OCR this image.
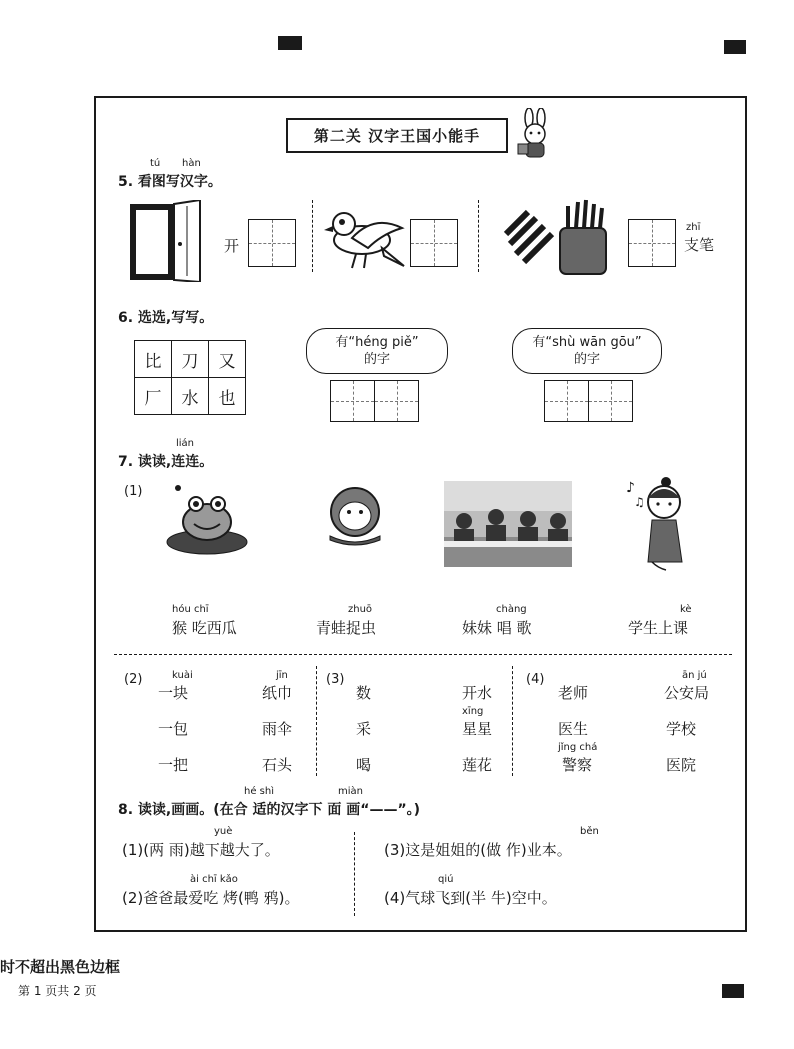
第二关 汉字王国小能手
tú hàn
5. 看图写汉字。
开
zhī
支笔
6. 选选,写写。
比	刀	又
厂	水	也
有“héng piě”
的字
有“shù wān gōu”
的字
lián
7. 读读,连连。
(1)	♪
♫
hóu chī
猴 吃西瓜
zhuō
青蛙捉虫
chàng
妹妹 唱 歌
kè
学生上课
(2)	kuài	jīn
一块
一包
一把
纸巾
雨伞
石头
(3)
数
采
喝
xīng
开水
星星
莲花
(4)	ān jú
jǐng chá
老师
医生
警察
公安局
学校
医院
hé shì	miàn
8. 读读,画画。(在合 适的汉字下 面 画“——”。)
yuè
(1)(两 雨)越下越大了。
běn
(3)这是姐姐的(做 作)业本。
ài chī kǎo
(2)爸爸最爱吃 烤(鸭 鸦)。
qiú
(4)气球飞到(半 牛)空中。
时不超出黑色边框
第 1 页共 2 页
